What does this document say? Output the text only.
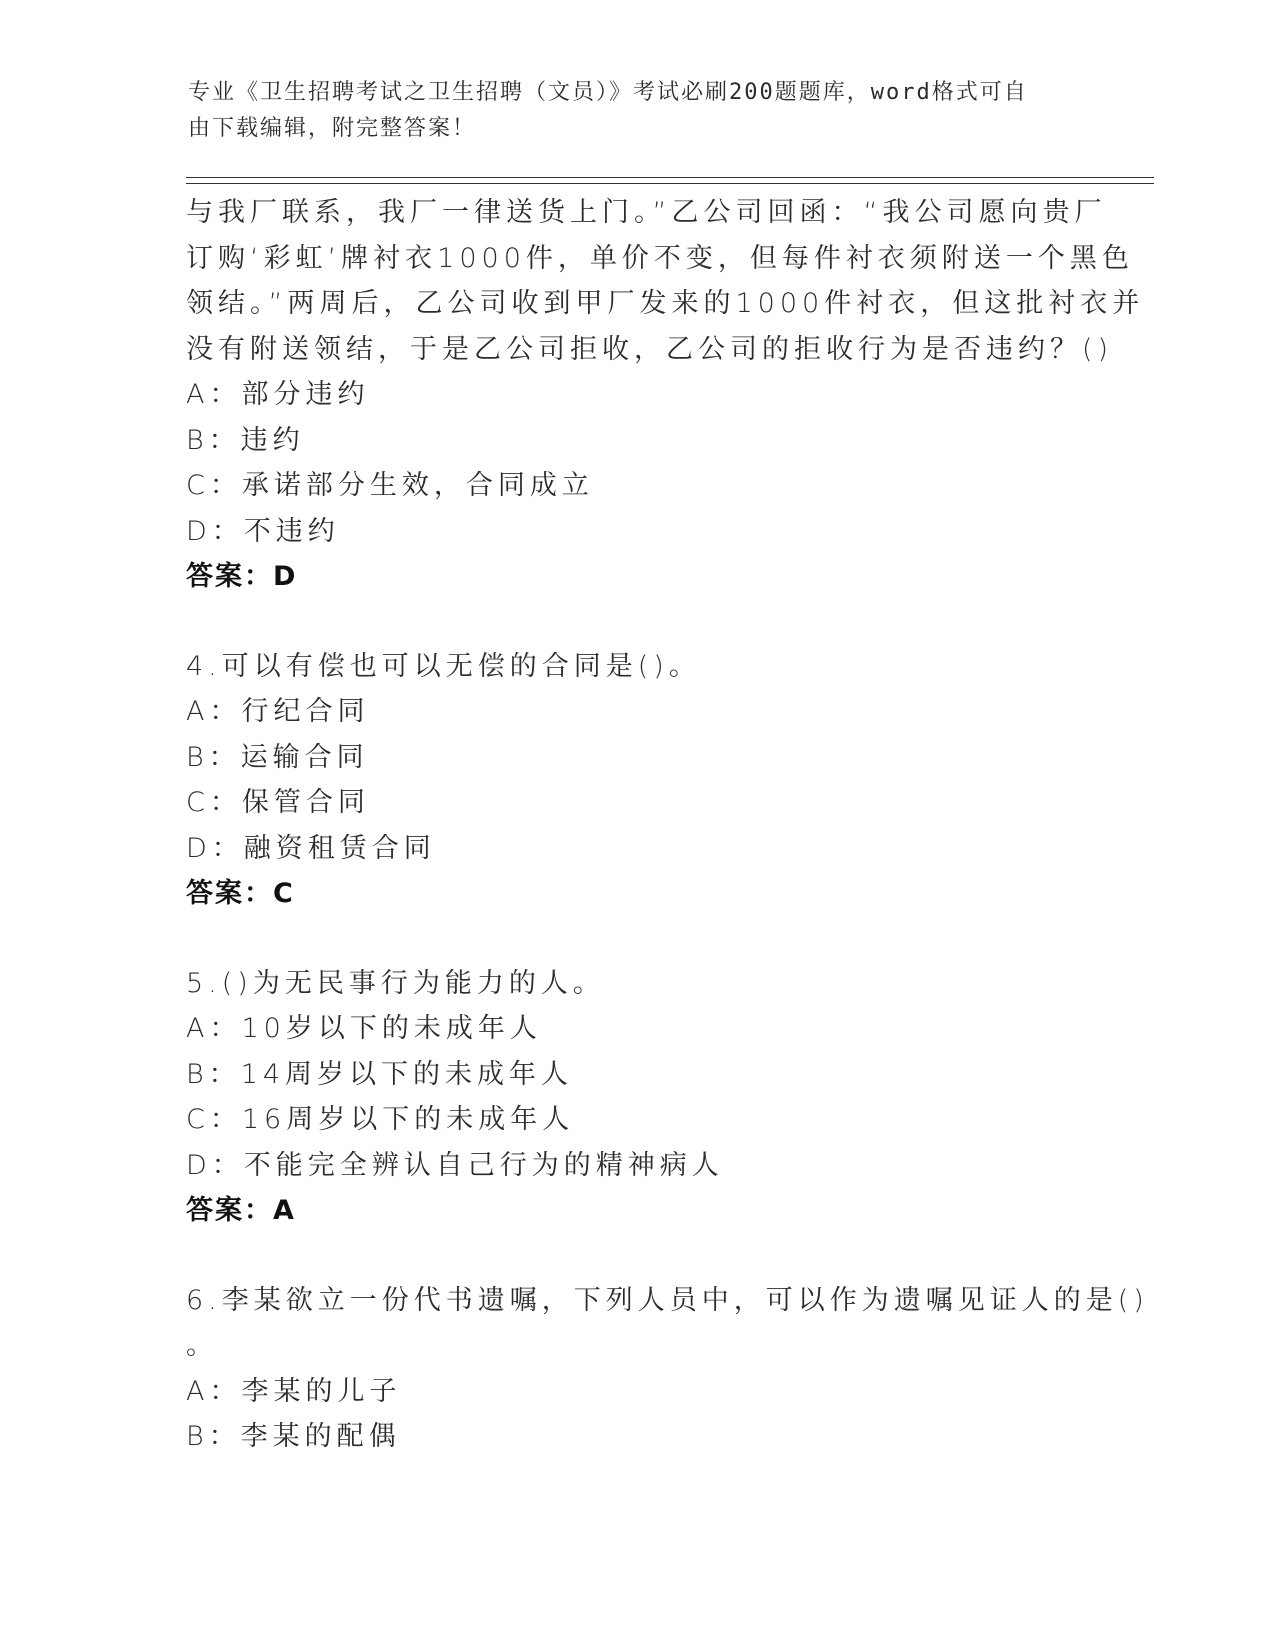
专业《卫生招聘考试之卫生招聘（文员）》考试必刷200题题库，word格式可自
由下载编辑，附完整答案！
与我厂联系，我厂一律送货上门。”乙公司回函：“我公司愿向贵厂
订购‘彩虹’牌衬衣1000件，单价不变，但每件衬衣须附送一个黑色
领结。”两周后，乙公司收到甲厂发来的1000件衬衣，但这批衬衣并
没有附送领结，于是乙公司拒收，乙公司的拒收行为是否违约？()
A：部分违约
B：违约
C：承诺部分生效，合同成立
D：不违约
答案：D
4.可以有偿也可以无偿的合同是()。
A：行纪合同
B：运输合同
C：保管合同
D：融资租赁合同
答案：C
5.()为无民事行为能力的人。
A：10岁以下的未成年人
B：14周岁以下的未成年人
C：16周岁以下的未成年人
D：不能完全辨认自己行为的精神病人
答案：A
6.李某欲立一份代书遗嘱，下列人员中，可以作为遗嘱见证人的是()
。
A：李某的儿子
B：李某的配偶
